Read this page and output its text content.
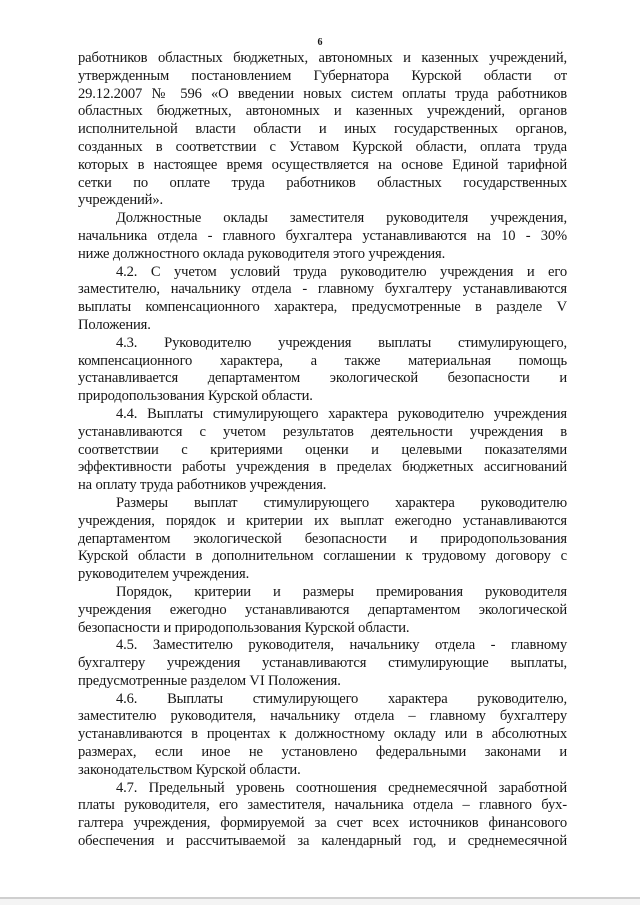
6
работников областных бюджетных, автономных и казенных учреждений,
утвержденным постановлением Губернатора Курской области от
29.12.2007 № 596 «О введении новых систем оплаты труда работников
областных бюджетных, автономных и казенных учреждений, органов
исполнительной власти области и иных государственных органов,
созданных в соответствии с Уставом Курской области, оплата труда
которых в настоящее время осуществляется на основе Единой тарифной
сетки по оплате труда работников областных государственных
учреждений».
Должностные оклады заместителя руководителя учреждения,
начальника отдела - главного бухгалтера устанавливаются на 10 - 30%
ниже должностного оклада руководителя этого учреждения.
4.2. С учетом условий труда руководителю учреждения и его
заместителю, начальнику отдела - главному бухгалтеру устанавливаются
выплаты компенсационного характера, предусмотренные в разделе V
Положения.
4.3. Руководителю учреждения выплаты стимулирующего,
компенсационного характера, а также материальная помощь
устанавливается департаментом экологической безопасности и
природопользования Курской области.
4.4. Выплаты стимулирующего характера руководителю учреждения
устанавливаются с учетом результатов деятельности учреждения в
соответствии с критериями оценки и целевыми показателями
эффективности работы учреждения в пределах бюджетных ассигнований
на оплату труда работников учреждения.
Размеры выплат стимулирующего характера руководителю
учреждения, порядок и критерии их выплат ежегодно устанавливаются
департаментом экологической безопасности и природопользования
Курской области в дополнительном соглашении к трудовому договору с
руководителем учреждения.
Порядок, критерии и размеры премирования руководителя
учреждения ежегодно устанавливаются департаментом экологической
безопасности и природопользования Курской области.
4.5. Заместителю руководителя, начальнику отдела - главному
бухгалтеру учреждения устанавливаются стимулирующие выплаты,
предусмотренные разделом VI Положения.
4.6. Выплаты стимулирующего характера руководителю,
заместителю руководителя, начальнику отдела – главному бухгалтеру
устанавливаются в процентах к должностному окладу или в абсолютных
размерах, если иное не установлено федеральными законами и
законодательством Курской области.
4.7. Предельный уровень соотношения среднемесячной заработной
платы руководителя, его заместителя, начальника отдела – главного бух-
галтера учреждения, формируемой за счет всех источников финансового
обеспечения и рассчитываемой за календарный год, и среднемесячной
